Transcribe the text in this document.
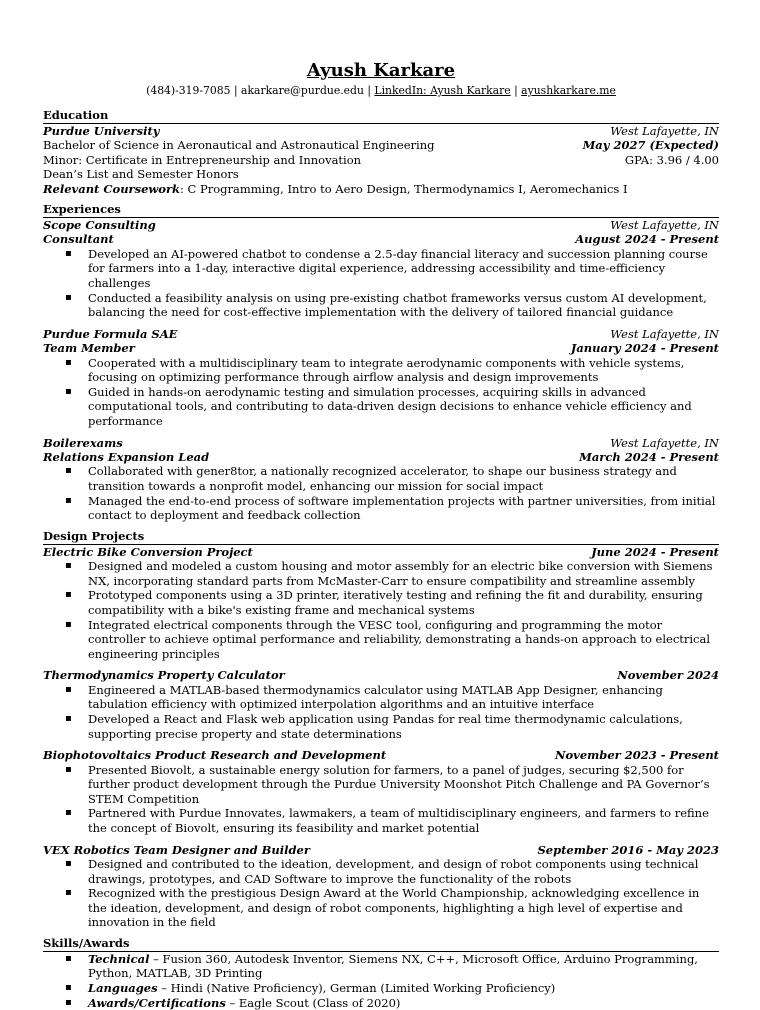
Ayush Karkare
(484)-319-7085 | akarkare@purdue.edu | LinkedIn: Ayush Karkare | ayushkarkare.me
Education
Purdue University	West Lafayette, IN
Bachelor of Science in Aeronautical and Astronautical Engineering	May 2027 (Expected)
Minor: Certificate in Entrepreneurship and Innovation	GPA: 3.96 / 4.00
Dean’s List and Semester Honors
Relevant Coursework: C Programming, Intro to Aero Design, Thermodynamics I, Aeromechanics I
Experiences
Scope Consulting	West Lafayette, IN
Consultant	August 2024 - Present
▪ Developed an AI-powered chatbot to condense a 2.5-day financial literacy and succession planning course for farmers into a 1-day, interactive digital experience, addressing accessibility and time-efficiency challenges
▪ Conducted a feasibility analysis on using pre-existing chatbot frameworks versus custom AI development, balancing the need for cost-effective implementation with the delivery of tailored financial guidance
Purdue Formula SAE	West Lafayette, IN
Team Member	January 2024 - Present
▪ Cooperated with a multidisciplinary team to integrate aerodynamic components with vehicle systems, focusing on optimizing performance through airflow analysis and design improvements
▪ Guided in hands-on aerodynamic testing and simulation processes, acquiring skills in advanced computational tools, and contributing to data-driven design decisions to enhance vehicle efficiency and performance
Boilerexams	West Lafayette, IN
Relations Expansion Lead	March 2024 - Present
▪ Collaborated with gener8tor, a nationally recognized accelerator, to shape our business strategy and transition towards a nonprofit model, enhancing our mission for social impact
▪ Managed the end-to-end process of software implementation projects with partner universities, from initial contact to deployment and feedback collection
Design Projects
Electric Bike Conversion Project	June 2024 - Present
▪ Designed and modeled a custom housing and motor assembly for an electric bike conversion with Siemens NX, incorporating standard parts from McMaster-Carr to ensure compatibility and streamline assembly
▪ Prototyped components using a 3D printer, iteratively testing and refining the fit and durability, ensuring compatibility with a bike's existing frame and mechanical systems
▪ Integrated electrical components through the VESC tool, configuring and programming the motor controller to achieve optimal performance and reliability, demonstrating a hands-on approach to electrical engineering principles
Thermodynamics Property Calculator	November 2024
▪ Engineered a MATLAB-based thermodynamics calculator using MATLAB App Designer, enhancing tabulation efficiency with optimized interpolation algorithms and an intuitive interface
▪ Developed a React and Flask web application using Pandas for real time thermodynamic calculations, supporting precise property and state determinations
Biophotovoltaics Product Research and Development	November 2023 - Present
▪ Presented Biovolt, a sustainable energy solution for farmers, to a panel of judges, securing $2,500 for further product development through the Purdue University Moonshot Pitch Challenge and PA Governor’s STEM Competition
▪ Partnered with Purdue Innovates, lawmakers, a team of multidisciplinary engineers, and farmers to refine the concept of Biovolt, ensuring its feasibility and market potential
VEX Robotics Team Designer and Builder	September 2016 - May 2023
▪ Designed and contributed to the ideation, development, and design of robot components using technical drawings, prototypes, and CAD Software to improve the functionality of the robots
▪ Recognized with the prestigious Design Award at the World Championship, acknowledging excellence in the ideation, development, and design of robot components, highlighting a high level of expertise and innovation in the field
Skills/Awards
▪ Technical – Fusion 360, Autodesk Inventor, Siemens NX, C++, Microsoft Office, Arduino Programming, Python, MATLAB, 3D Printing
▪ Languages – Hindi (Native Proficiency), German (Limited Working Proficiency)
▪ Awards/Certifications – Eagle Scout (Class of 2020)
